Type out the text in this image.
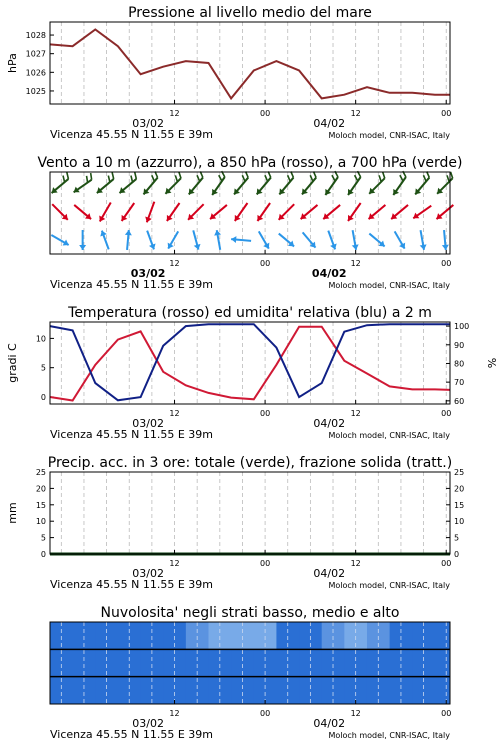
Pressione al livello medio del mare
1025
1026
1027
1028
hPa
12	00	12	00
03/02	04/02
Vicenza 45.55 N 11.55 E 39m	Moloch model, CNR-ISAC, Italy
Vento a 10 m (azzurro), a 850 hPa (rosso), a 700 hPa (verde)
12	00	12	00
03/02	04/02
Vicenza 45.55 N 11.55 E 39m	Moloch model, CNR-ISAC, Italy
Temperatura (rosso) ed umidita' relativa (blu) a 2 m
0
5
10
60
70
80
90
100
gradi C	%
12	00	12	00
03/02	04/02
Vicenza 45.55 N 11.55 E 39m	Moloch model, CNR-ISAC, Italy
Precip. acc. in 3 ore: totale (verde), frazione solida (tratt.)
0
5
10
15
20
25
0
5
10
15
20
25
mm
12	00	12	00
03/02	04/02
Vicenza 45.55 N 11.55 E 39m	Moloch model, CNR-ISAC, Italy
Nuvolosita' negli strati basso, medio e alto
12	00	12	00
03/02	04/02
Vicenza 45.55 N 11.55 E 39m	Moloch model, CNR-ISAC, Italy
